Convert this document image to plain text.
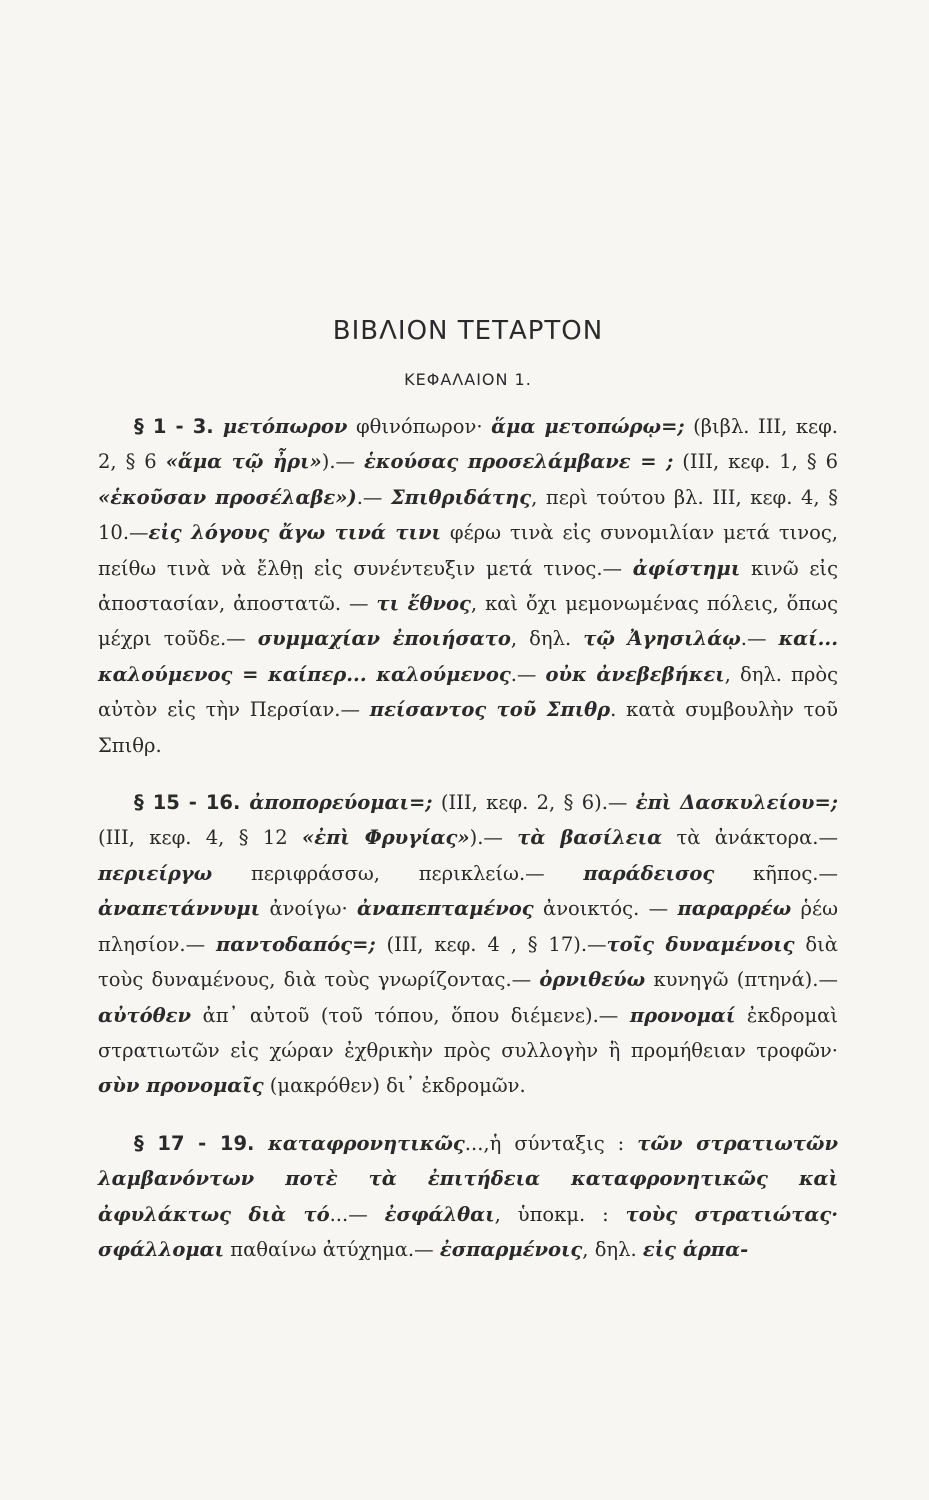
ΒΙΒΛΙΟΝ ΤΕΤΑΡΤΟΝ
ΚΕΦΑΛΑΙΟΝ 1.

§ 1 - 3. μετόπωρον φθινόπωρον· ἅμα μετοπώρῳ=; (βιβλ. III, κεφ. 2, § 6 «ἅμα τῷ ἦρι»).— ἑκούσας προσελάμβανε = ; (III, κεφ. 1, § 6 «ἑκοῦσαν προσέλαβε»).— Σπιθριδάτης, περὶ τούτου βλ. III, κεφ. 4, § 10.—εἰς λόγους ἄγω τινά τινι φέρω τινὰ εἰς συνομιλίαν μετά τινος, πείθω τινὰ νὰ ἔλθῃ εἰς συνέντευξιν μετά τινος.— ἀφίστημι κινῶ εἰς ἀποστασίαν, ἀποστατῶ. — τι ἔθνος, καὶ ὄχι μεμονωμένας πόλεις, ὅπως μέχρι τοῦδε.— συμμαχίαν ἐποιήσατο, δηλ. τῷ Ἀγησιλάῳ.— καί... καλούμενος = καίπερ... καλούμενος.— οὐκ ἀνεβεβήκει, δηλ. πρὸς αὐτὸν εἰς τὴν Περσίαν.— πείσαντος τοῦ Σπιθρ. κατὰ συμβουλὴν τοῦ Σπιθρ.

§ 15 - 16. ἀποπορεύομαι=; (III, κεφ. 2, § 6).— ἐπὶ Δασκυλείου=; (III, κεφ. 4, § 12 «ἐπὶ Φρυγίας»).— τὰ βασίλεια τὰ ἀνάκτορα.— περιείργω περιφράσσω, περικλείω.— παράδεισος κῆπος.— ἀναπετάννυμι ἀνοίγω· ἀναπεπταμένος ἀνοικτός. — παραρρέω ῥέω πλησίον.— παντοδαπός=; (III, κεφ. 4 , § 17).—τοῖς δυναμένοις διὰ τοὺς δυναμένους, διὰ τοὺς γνωρίζοντας.— ὀρνιθεύω κυνηγῶ (πτηνά).— αὐτόθεν ἀπ᾽ αὐτοῦ (τοῦ τόπου, ὅπου διέμενε).— προνομαί ἐκδρομαὶ στρατιωτῶν εἰς χώραν ἐχθρικὴν πρὸς συλλογὴν ἢ προμήθειαν τροφῶν· σὺν προνομαῖς (μακρόθεν) δι᾽ ἐκδρομῶν.

§ 17 - 19. καταφρονητικῶς...,ἡ σύνταξις : τῶν στρατιωτῶν λαμβανόντων ποτὲ τὰ ἐπιτήδεια καταφρονητικῶς καὶ ἀφυλάκτως διὰ τό...— ἐσφάλθαι, ὑποκμ. : τοὺς στρατιώτας· σφάλλομαι παθαίνω ἀτύχημα.— ἐσπαρμένοις, δηλ. εἰς ἁρπα-
